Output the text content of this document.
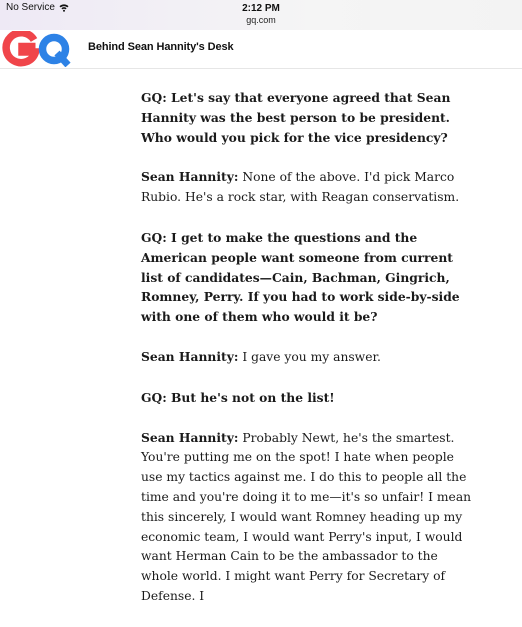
No Service	2:12 PM
gq.com
Behind Sean Hannity's Desk

GQ: Let's say that everyone agreed that Sean Hannity was the best person to be president. Who would you pick for the vice presidency?

Sean Hannity: None of the above. I'd pick Marco Rubio. He's a rock star, with Reagan conservatism.

GQ: I get to make the questions and the American people want someone from current list of candidates—Cain, Bachman, Gingrich, Romney, Perry. If you had to work side-by-side with one of them who would it be?

Sean Hannity: I gave you my answer.

GQ: But he's not on the list!

Sean Hannity: Probably Newt, he's the smartest. You're putting me on the spot! I hate when people use my tactics against me. I do this to people all the time and you're doing it to me—it's so unfair! I mean this sincerely, I would want Romney heading up my economic team, I would want Perry's input, I would want Herman Cain to be the ambassador to the whole world. I might want Perry for Secretary of Defense. I
